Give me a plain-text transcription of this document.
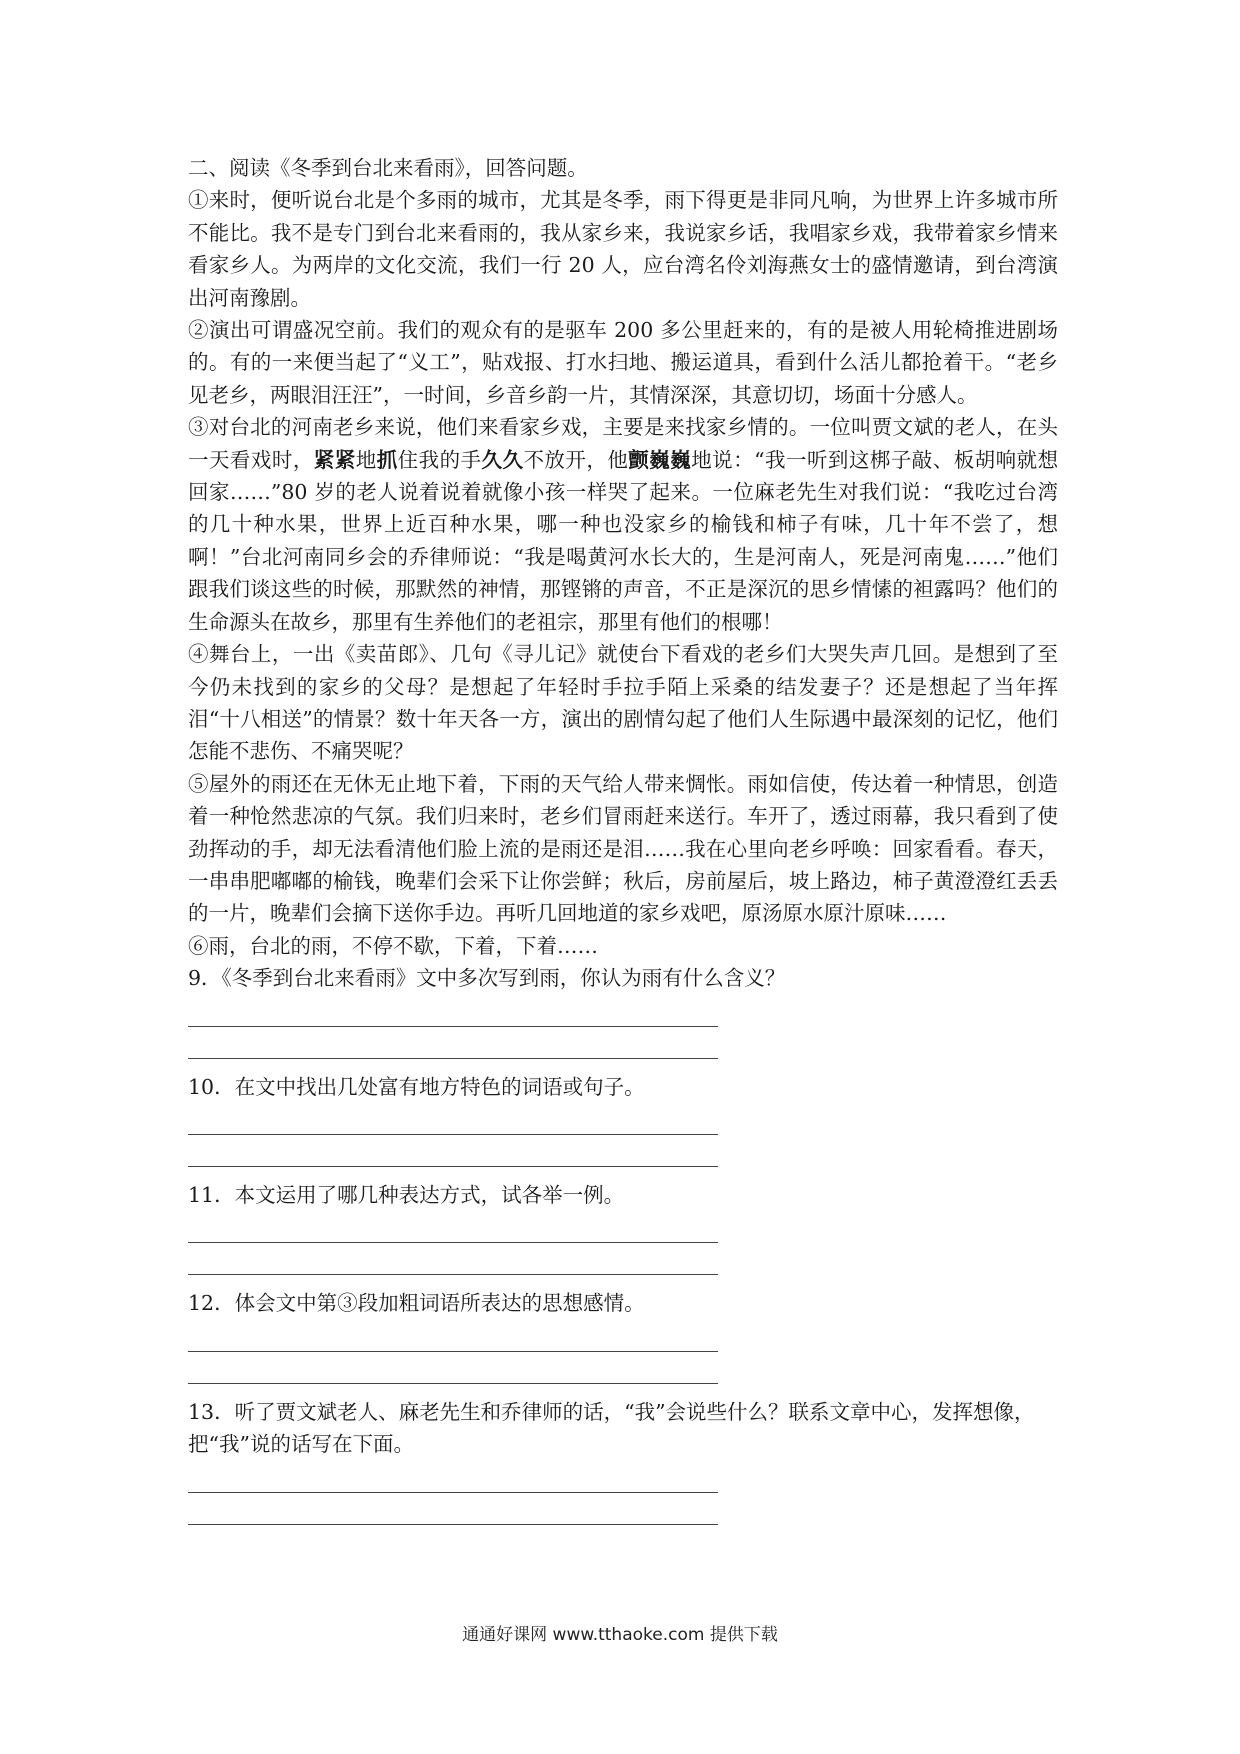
二、阅读《冬季到台北来看雨》，回答问题。

①来时，便听说台北是个多雨的城市，尤其是冬季，雨下得更是非同凡响，为世界上许多城市所不能比。我不是专门到台北来看雨的，我从家乡来，我说家乡话，我唱家乡戏，我带着家乡情来看家乡人。为两岸的文化交流，我们一行 20 人，应台湾名伶刘海燕女士的盛情邀请，到台湾演出河南豫剧。

②演出可谓盛况空前。我们的观众有的是驱车 200 多公里赶来的，有的是被人用轮椅推进剧场的。有的一来便当起了“义工”，贴戏报、打水扫地、搬运道具，看到什么活儿都抢着干。“老乡见老乡，两眼泪汪汪”，一时间，乡音乡韵一片，其情深深，其意切切，场面十分感人。

③对台北的河南老乡来说，他们来看家乡戏，主要是来找家乡情的。一位叫贾文斌的老人，在头一天看戏时，紧紧地抓住我的手久久不放开，他颤巍巍地说：“我一听到这梆子敲、板胡响就想回家……”80 岁的老人说着说着就像小孩一样哭了起来。一位麻老先生对我们说：“我吃过台湾的几十种水果，世界上近百种水果，哪一种也没家乡的榆钱和柿子有味，几十年不尝了，想啊！”台北河南同乡会的乔律师说：“我是喝黄河水长大的，生是河南人，死是河南鬼……”他们跟我们谈这些的时候，那默然的神情，那铿锵的声音，不正是深沉的思乡情愫的袒露吗？他们的生命源头在故乡，那里有生养他们的老祖宗，那里有他们的根哪！

④舞台上，一出《卖苗郎》、几句《寻儿记》就使台下看戏的老乡们大哭失声几回。是想到了至今仍未找到的家乡的父母？是想起了年轻时手拉手陌上采桑的结发妻子？还是想起了当年挥泪“十八相送”的情景？数十年天各一方，演出的剧情勾起了他们人生际遇中最深刻的记忆，他们怎能不悲伤、不痛哭呢？

⑤屋外的雨还在无休无止地下着，下雨的天气给人带来惆怅。雨如信使，传达着一种情思，创造着一种怆然悲凉的气氛。我们归来时，老乡们冒雨赶来送行。车开了，透过雨幕，我只看到了使劲挥动的手，却无法看清他们脸上流的是雨还是泪……我在心里向老乡呼唤：回家看看。春天，一串串肥嘟嘟的榆钱，晚辈们会采下让你尝鲜；秋后，房前屋后，坡上路边，柿子黄澄澄红丢丢的一片，晚辈们会摘下送你手边。再听几回地道的家乡戏吧，原汤原水原汁原味……

⑥雨，台北的雨，不停不歇，下着，下着……

9．《冬季到台北来看雨》文中多次写到雨，你认为雨有什么含义？

10．在文中找出几处富有地方特色的词语或句子。

11．本文运用了哪几种表达方式，试各举一例。

12．体会文中第③段加粗词语所表达的思想感情。

13．听了贾文斌老人、麻老先生和乔律师的话，“我”会说些什么？联系文章中心，发挥想像，把“我”说的话写在下面。

通通好课网 www.tthaoke.com 提供下载
